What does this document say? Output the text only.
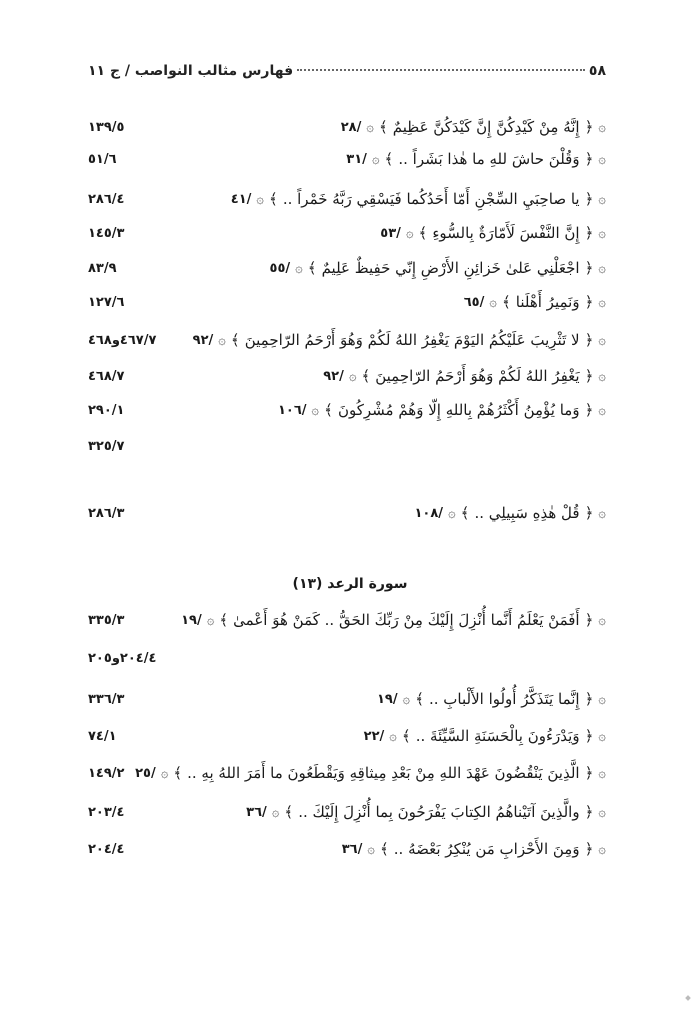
٥٨
فهارس مثالب النواصب / ج ١١
۞
﴿
إِنَّهُ مِنْ كَيْدِكُنَّ إِنَّ كَيْدَكُنَّ عَظِيمٌ
﴾
۞
/٢٨
١٣٩/٥
۞
﴿
وَقُلْنَ حاشَ للهِ ما هٰذا بَشَراً ..
﴾
۞
/٣١
٥١/٦
۞
﴿
يا صاحِبَيِ السِّجْنِ أَمّا أَحَدُكُما فَيَسْقِي رَبَّهُ خَمْراً ..
﴾
۞
/٤١
٢٨٦/٤
۞
﴿
إِنَّ النَّفْسَ لَأَمّارَةٌ بِالسُّوءِ
﴾
۞
/٥٣
١٤٥/٣
۞
﴿
اجْعَلْنِي عَلىٰ خَزائِنِ الأَرْضِ إِنّي حَفِيظٌ عَلِيمٌ
﴾
۞
/٥٥
٨٣/٩
۞
﴿
وَنَمِيرُ أَهْلَنا
﴾
۞
/٦٥
١٢٧/٦
۞
﴿
لا تَثْرِيبَ عَلَيْكُمُ اليَوْمَ يَغْفِرُ اللهُ لَكُمْ وَهُوَ أَرْحَمُ الرّاحِمِينَ
﴾
۞
/٩٢
٤٦٧/٧و٤٦٨
۞
﴿
يَغْفِرُ اللهُ لَكُمْ وَهُوَ أَرْحَمُ الرّاحِمِينَ
﴾
۞
/٩٢
٤٦٨/٧
۞
﴿
وَما يُؤْمِنُ أَكْثَرُهُمْ بِاللهِ إِلّا وَهُمْ مُشْرِكُونَ
﴾
۞
/١٠٦
٢٩٠/١
٣٢٥/٧
۞
﴿
قُلْ هٰذِهِ سَبِيلِي ..
﴾
۞
/١٠٨
٢٨٦/٣
سورة الرعد (١٣)
۞
﴿
أَفَمَنْ يَعْلَمُ أَنَّما أُنْزِلَ إِلَيْكَ مِنْ رَبِّكَ الحَقُّ .. كَمَنْ هُوَ أَعْمىٰ
﴾
۞
/١٩
٣٣٥/٣
٢٠٤/٤و٢٠٥
۞
﴿
إِنَّما يَتَذَكَّرُ أُولُوا الأَلْبابِ ..
﴾
۞
/١٩
٣٣٦/٣
۞
﴿
وَيَدْرَءُونَ بِالْحَسَنَةِ السَّيِّئَةَ ..
﴾
۞
/٢٢
٧٤/١
۞
﴿
الَّذِينَ يَنْقُضُونَ عَهْدَ اللهِ مِنْ بَعْدِ مِيثاقِهِ وَيَقْطَعُونَ ما أَمَرَ اللهُ بِهِ ..
﴾
۞
/٢٥
١٤٩/٢
۞
﴿
والَّذِينَ آتَيْناهُمُ الكِتابَ يَفْرَحُونَ بِما أُنْزِلَ إِلَيْكَ ..
﴾
۞
/٣٦
٢٠٣/٤
۞
﴿
وَمِنَ الأَحْزابِ مَن يُنْكِرُ بَعْضَهُ ..
﴾
۞
/٣٦
٢٠٤/٤
